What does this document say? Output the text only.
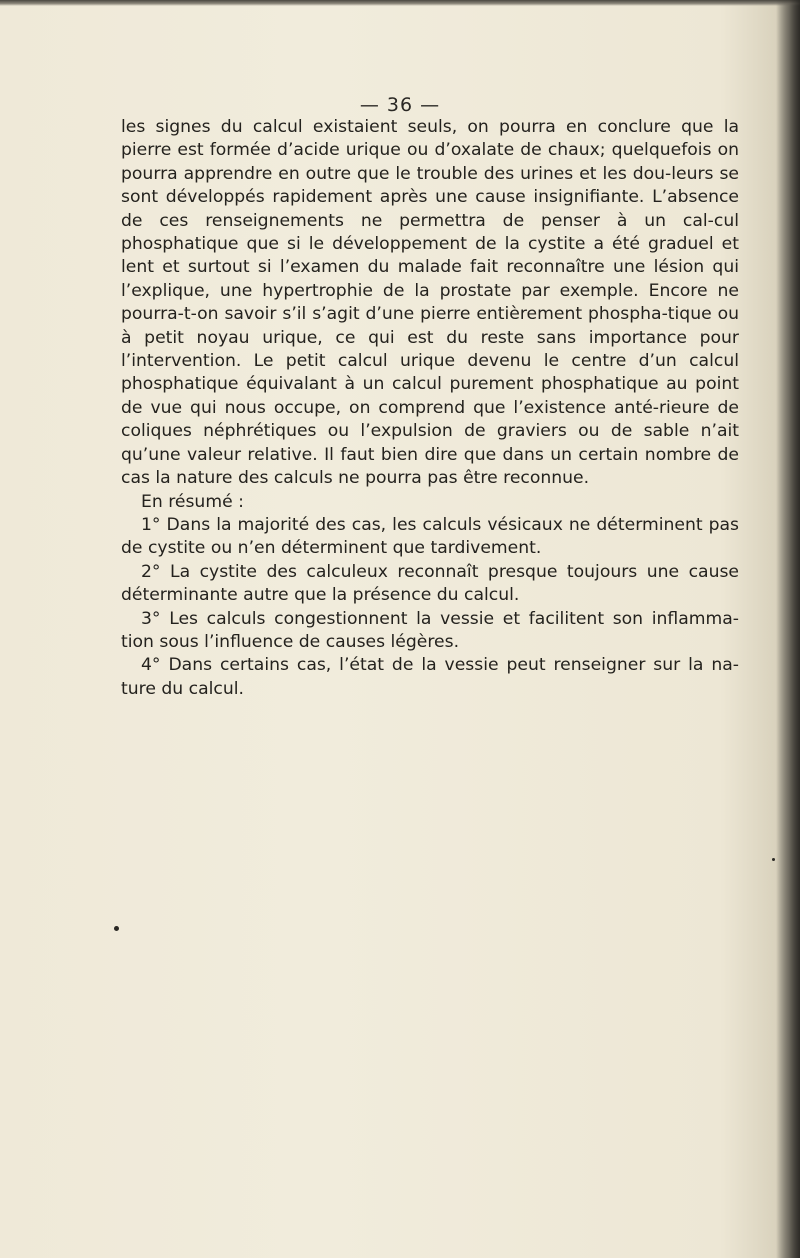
— 36 —

les signes du calcul existaient seuls, on pourra en conclure que la pierre est formée d’acide urique ou d’oxalate de chaux; quelquefois on pourra apprendre en outre que le trouble des urines et les dou-leurs se sont développés rapidement après une cause insignifiante. L’absence de ces renseignements ne permettra de penser à un cal-cul phosphatique que si le développement de la cystite a été graduel et lent et surtout si l’examen du malade fait reconnaître une lésion qui l’explique, une hypertrophie de la prostate par exemple. Encore ne pourra-t-on savoir s’il s’agit d’une pierre entièrement phospha-tique ou à petit noyau urique, ce qui est du reste sans importance pour l’intervention. Le petit calcul urique devenu le centre d’un calcul phosphatique équivalant à un calcul purement phosphatique au point de vue qui nous occupe, on comprend que l’existence anté-rieure de coliques néphrétiques ou l’expulsion de graviers ou de sable n’ait qu’une valeur relative. Il faut bien dire que dans un certain nombre de cas la nature des calculs ne pourra pas être reconnue.

En résumé :

1° Dans la majorité des cas, les calculs vésicaux ne déterminent pas de cystite ou n’en déterminent que tardivement.

2° La cystite des calculeux reconnaît presque toujours une cause déterminante autre que la présence du calcul.

3° Les calculs congestionnent la vessie et facilitent son inflamma-tion sous l’influence de causes légères.

4° Dans certains cas, l’état de la vessie peut renseigner sur la na-ture du calcul.
